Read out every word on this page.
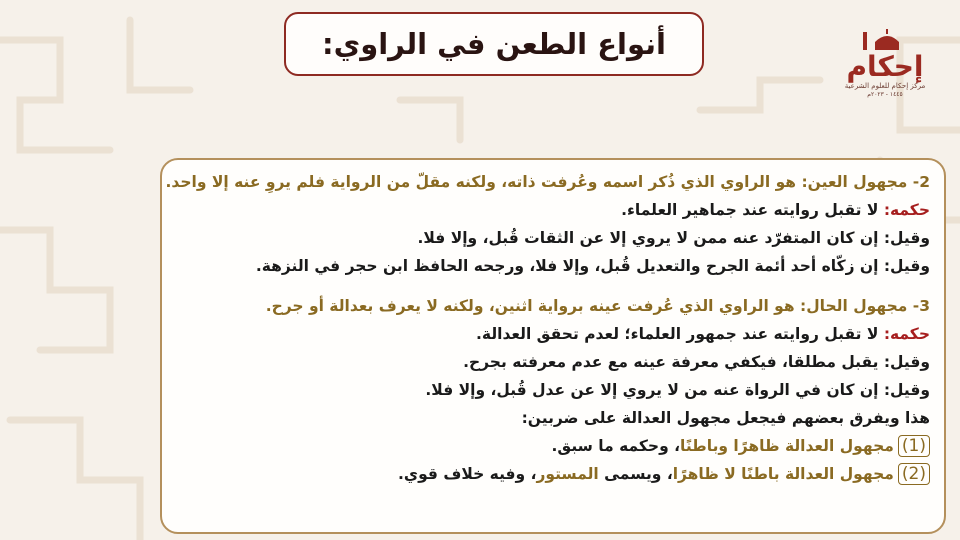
أنواع الطعن في الراوي:
إحكام
مركز إحكام للعلوم الشرعية
١٤٤٥ - ٢٠٢٣م
2- مجهول العين: هو الراوي الذي ذُكر اسمه وعُرفت ذاته، ولكنه مقلّ من الرواية فلم يروِ عنه إلا واحد.
حكمه: لا تقبل روايته عند جماهير العلماء.
وقيل: إن كان المتفرّد عنه ممن لا يروي إلا عن الثقات قُبل، وإلا فلا.
وقيل: إن زكّاه أحد أئمة الجرح والتعديل قُبل، وإلا فلا، ورجحه الحافظ ابن حجر في النزهة.
3- مجهول الحال: هو الراوي الذي عُرفت عينه برواية اثنين، ولكنه لا يعرف بعدالة أو جرح.
حكمه: لا تقبل روايته عند جمهور العلماء؛ لعدم تحقق العدالة.
وقيل: يقبل مطلقا، فيكفي معرفة عينه مع عدم معرفته بجرح.
وقيل: إن كان في الرواة عنه من لا يروي إلا عن عدل قُبل، وإلا فلا.
هذا ويفرق بعضهم فيجعل مجهول العدالة على ضربين:
(1)مجهول العدالة ظاهرًا وباطنًا، وحكمه ما سبق.
(2)مجهول العدالة باطنًا لا ظاهرًا، ويسمى المستور، وفيه خلاف قوي.
